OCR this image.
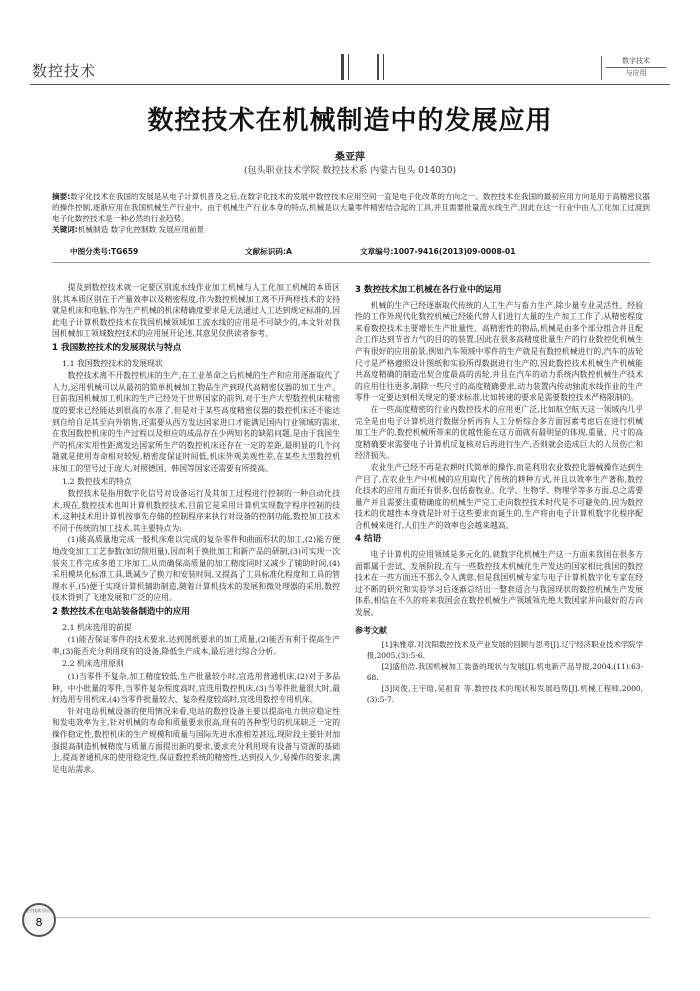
数控技术
数字技术
与应用
数控技术在机械制造中的发展应用
桑亚萍
(包头职业技术学院 数控技术系 内蒙古包头 014030)
摘要:数字化技术在我国的发展是从电子计算机普及之后,在数字化技术的发展中数控技术应用空间一直是电子化改革的方向之一。数控技术在我国的最初应用方向是用于高精密仪器的操作控制,逐渐应用在我国机械生产行业中。由于机械生产行业本身的特点,机械是以大量零件精密结合起的工具,并且需要批量流水线生产,因此在这一行业中由人工化加工过渡到电子化数控技术是一种必然的行业趋势。
关键词:机械制造 数字化控制数 发展应用前景
中图分类号:TG659	文献标识码:A	文章编号:1007-9416(2013)09-0008-01

提及到数控技术就一定要区别流水线作业加工机械与人工化加工机械的本质区别,其本质区别在于产量效率以及精密程度,作为数控机械加工离不开两样技术的支持就是机床和电脑,作为生产机械的机床精确度要求是无法通过人工达到规定标准的,因此电子计算机数控技术在我国机械领域加工流水线的应用是不可缺少的,本文针对我国机械加工领域数控技术的应用展开论述,其意见仅供读者参考。

1 我国数控技术的发展现状与特点
1.1 我国数控技术的发展现状

数控技术离不开数控机床的生产,在工业革命之后机械的生产和应用逐渐取代了人力,运用机械可以从最初的简单机械加工物品生产到现代高精密仪器的加工生产。目前我国机械加工机床的生产已经处于世界国家的前列,对于生产大型数控机床精密度的要求已经能达到很高的水准了,但是对于某些高度精密仪器的数控机床还不能达到自给自足其至向外销售,还需要从西方发达国家进口才能满足国内行业领域的需求,在我国数控机床的生产过程以及相应的成品存在少两知名的缺陷问题,是由于我国生产的机床实用性距离发达国家所生产的数控机床还存在一定的差距,最明显的几个问题就是使用寿命相对较短,精密度保证时间低,机床外观美观性差,在某些大型数控机床加工的型号过于庞大,对照德国、韩国等国家还需要有所提高。

1.2 数控技术的特点

数控技术是指用数字化信号对设备运行及其加工过程进行控制的一种自动化技术,现在,数控技术也叫计算机数控技术,目前它是采用计算机实现数字程序控制的技术,这种技术用计算机按事先存储的控制程序来执行对设备的控制功能,数控加工技术不同于传统的加工技术,其主要特点为:

(1)能高质量地完成一般机床难以完成的复杂零件和曲面形状的加工,(2)能方便地改变加工工艺参数(如切削用量),因而利于换批加工和新产品的研制,(3)可实现一次装夹工件完成多道工序加工,从而确保高质量的加工精度同时又减少了辅助时间,(4)采用模块化标准工具,既减少了换刀和安装时间,又提高了工具标准化程度和工具的管理水平,(5)便于实现计算机辅助制造,随着计算机技术的发展和微处理器的采用,数控技术得到了飞速发展和广泛的应用。

2 数控技术在电站装备制造中的应用
2.1 机床选用的前提

(1)能否保证零件的技术要求,达到图纸要求的加工质量,(2)能否有利于提高生产率,(3)能否充分利用现有的设备,降低生产成本,最后进行综合分析。

2.2 机床选用原则

(1)当零件不复杂,加工精度较低,生产批量较小时,宜选用普通机床,(2)对于多品种、中小批量的零件,当零件复杂程度高时,宜选用数控机床,(3)当零件批量很大时,最好选用专用机床,(4)当零件批量较大、复杂程度较高时,宜选用数控专用机床。

针对电站机械设备的使用情况来看,电站的数控设备主要以提高电力供应稳定性和发电效率为主,针对机械的寿命和质量要求很高,现有的各种型号的机床缺乏一定的操作稳定性,数控机床的生产规模和质量与国际先进水准相差甚远,现阶段主要针对加强提高制造机械精度与质量方面提出新的要求,要求充分利用现有设备与资源的基础上,提高普通机床的使用稳定性,保证数控系统的精密性,达到投入少,易操作的要求,满足电站需求。

3 数控技术加工机械在各行业中的运用

机械的生产已经逐渐取代传统的人工生产与畜力生产,除少量专业灵活性、经验性的工作外现代化数控机械已经能代替人们进行大量的生产加工工作了,从精密程度来看数控技术主要增长生产批量性、高精密性的物品,机械是由多个部分组合并且配合工作达到节省力气的目的的装置,因此在很多高精度批量生产的行业数控化机械生产有很好的应用前景,例如汽车领域中零件的生产就是有数控机械进行的,汽车的齿轮尺寸是严格遵照设计图纸和实验所得数据进行生产的,因此数控技术机械生产机械能共高度精确的制造出契合度最高的齿轮,并且在汽车的动力系统内数控机械生产技术的应用往往更多,制除一些尺寸的高度精确要求,动力装置内传动轴流水线作业的生产零件一定要达到相关规定的要求标准,比如转速的要求是需要数控技术严格限制的。

在一些高度精密的行业内数控技术的应用更广泛,比如航空航天这一领域内几乎完全是由电子计算机进行数据分析再有人工分析综合多方面因素考虑后在进行机械加工生产的,数控机械所带来的优越性能在这方面就有最明显的体现,重量、尺寸的高度精确要求需要电子计算机反复核对后再进行生产,否则就会造成巨大的人员伤亡和经济损失。

农业生产已经不再是农耕时代简单的操作,而是利用农业数控化器械操作达到生产目了,在农业生产中机械的应用取代了传统的耕种方式,并且以效率生产著称,数控化技术的应用方面还有很多,包括畜牧业、化学、生物学、物理学等多方面,总之需要量产并且需要注重精确度的机械生产完工走向数控技术时代是不可避免的,因为数控技术的优越性本身就是针对于这些要求而诞生的,生产将由电子计算机数字化程序配合机械来进行,人们生产的效率也会越来越高。

4 结语

电子计算机的应用领域是多元化的,就数字化机械生产这一方面来我国在很多方面都属于尝试、发展阶段,在与一些数控技术机械化生产发达的国家相比我国的数控技术在一些方面还不那么令人满意,但是我国机械专家与电子计算机数字化专家在经过不断的研究和实验学习后逐渐总结出一整套适合与我国现状的数控机械生产发展体系,相信在不久的将来我国会在数控机械生产领域领先绝大数国家并向最好的方向发展。

参考文献

[1]朱雅章.对沈阳数控技术及产业发展的回顾与思考[J].辽宁经济职业技术学院学报,2005,(3):5-6.

[2]盛伯浩.我国机械加工装备的现状与发展[J].机电新产品导报,2004,(11):63-68.

[3]闵俊,王宇晗,吴祖育 等.数控技术的现状和发展趋势[J].机械工程师,2000,(3):5-7.

数字技术与应用
8
